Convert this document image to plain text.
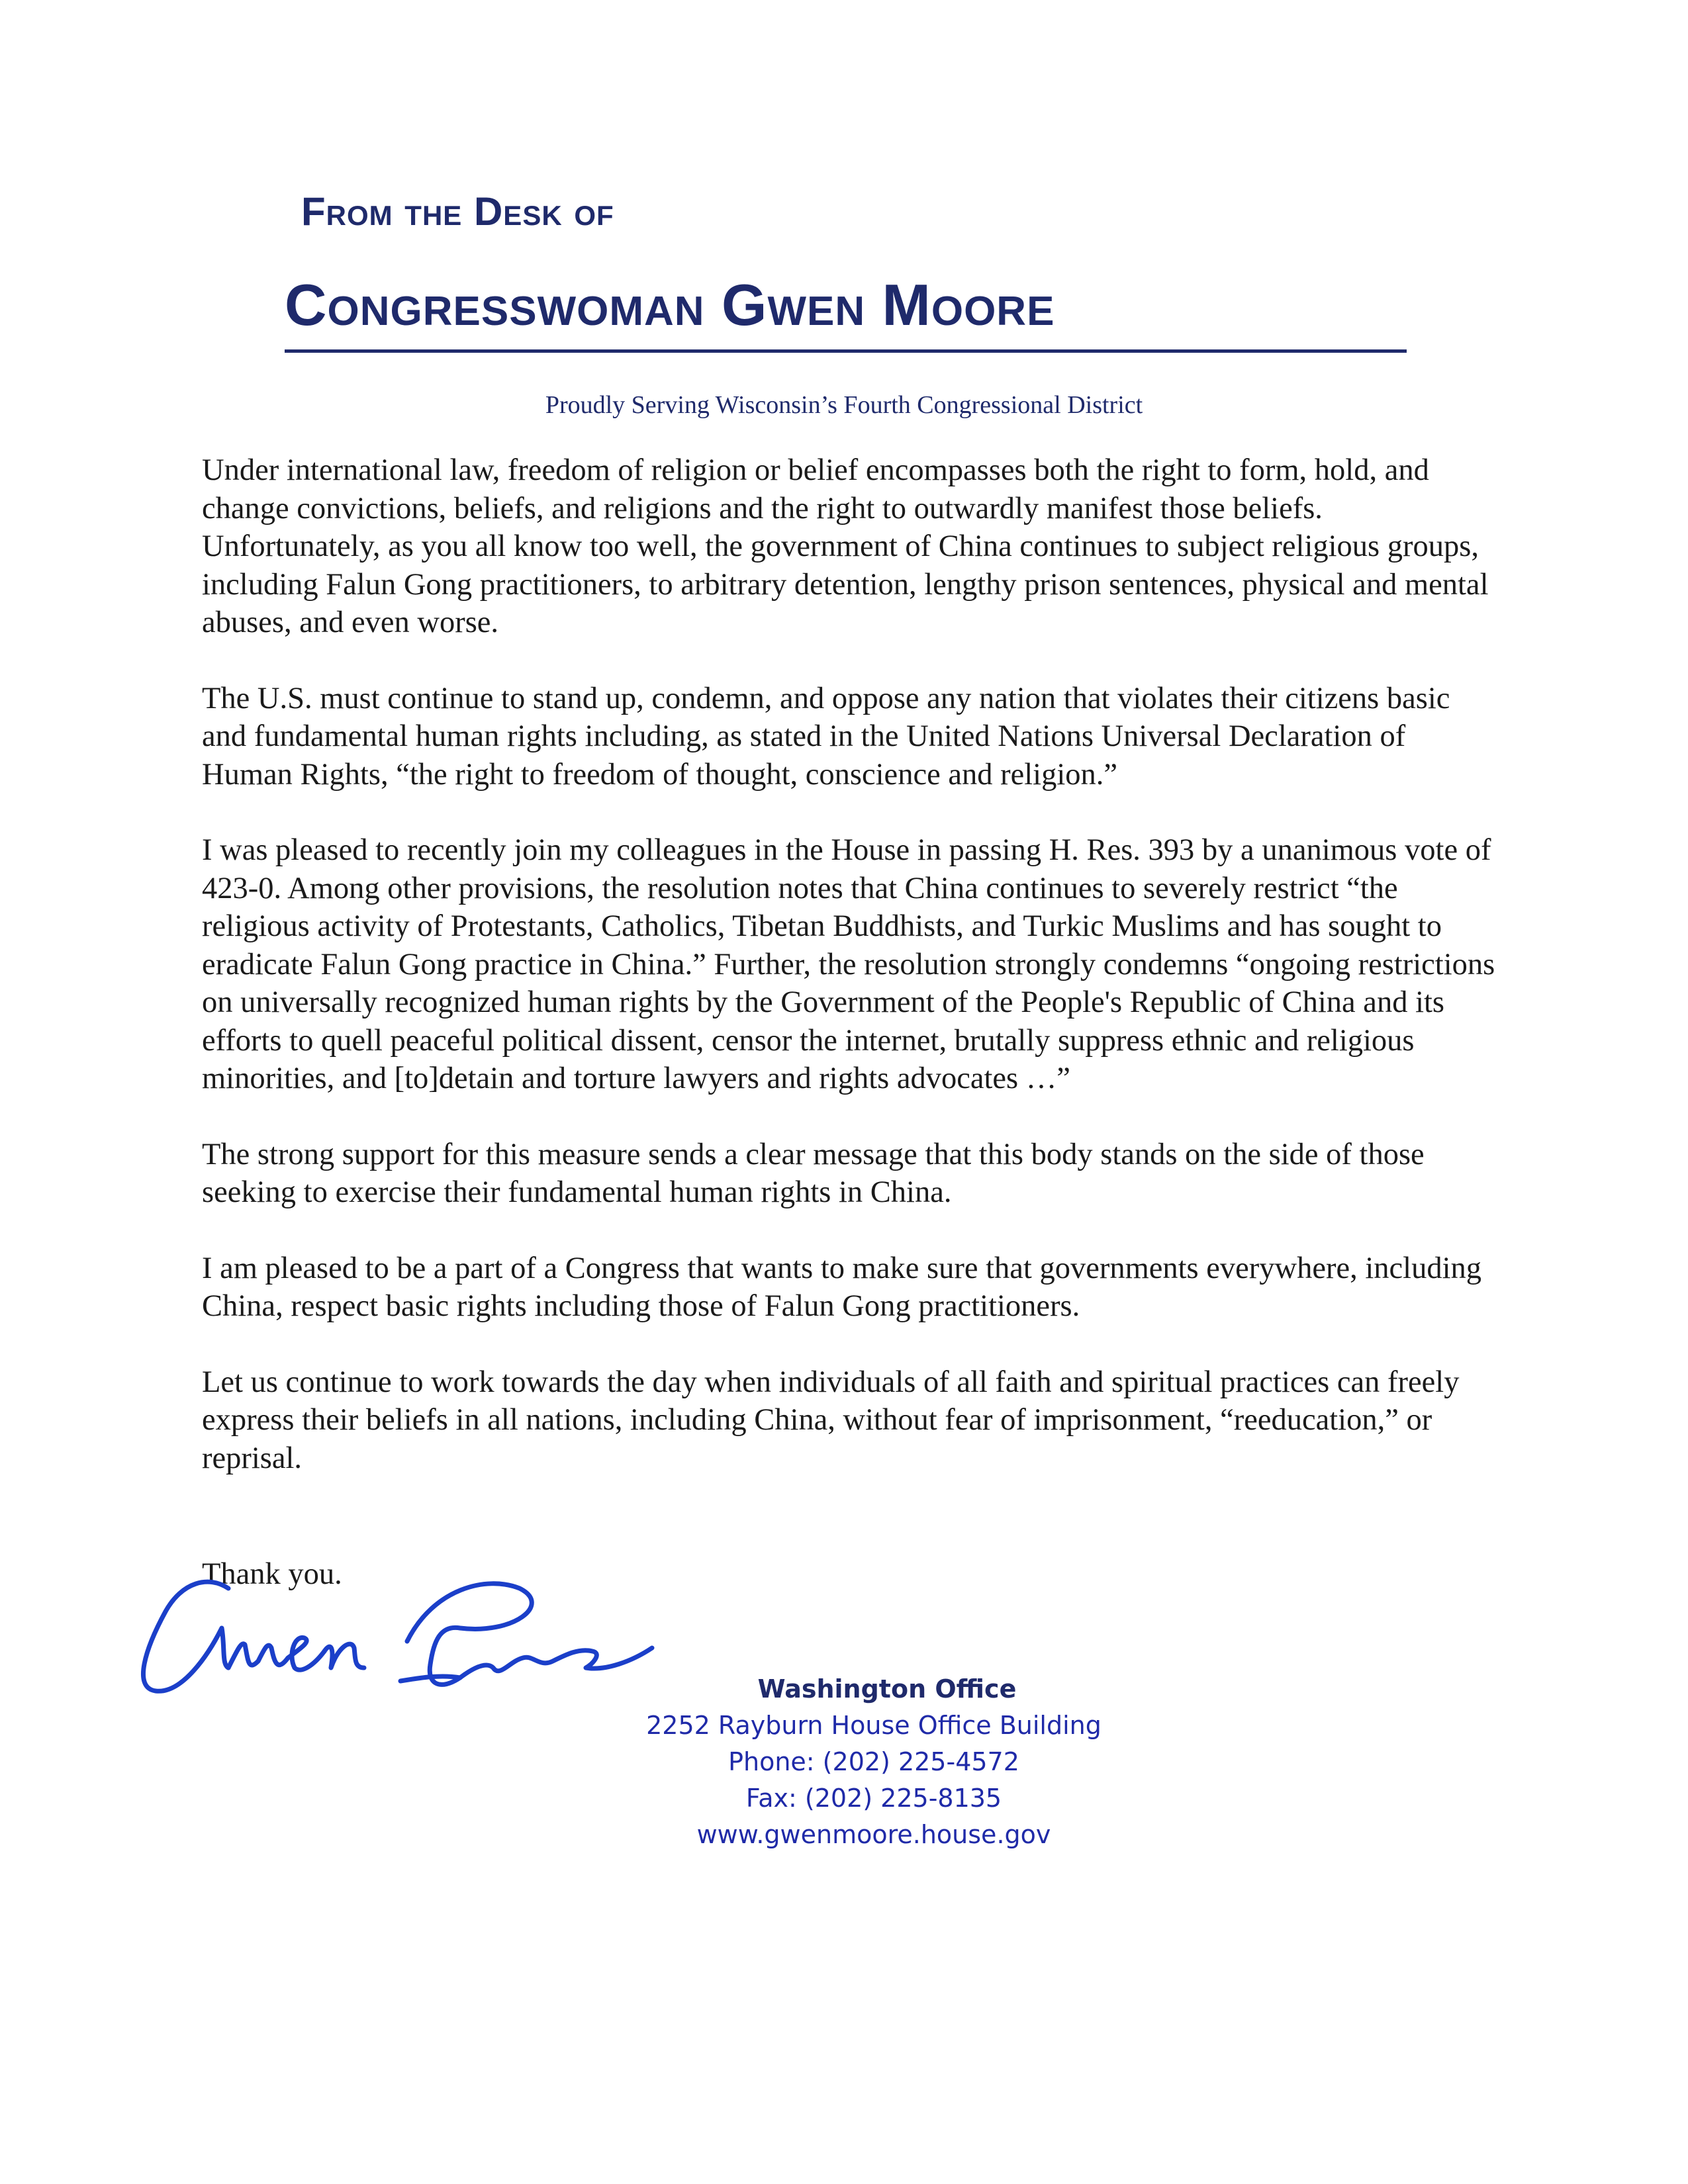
From the Desk of
Congresswoman Gwen Moore
Proudly Serving Wisconsin’s Fourth Congressional District

Under international law, freedom of religion or belief encompasses both the right to form, hold, and change convictions, beliefs, and religions and the right to outwardly manifest those beliefs. Unfortunately, as you all know too well, the government of China continues to subject religious groups, including Falun Gong practitioners, to arbitrary detention, lengthy prison sentences, physical and mental abuses, and even worse.

The U.S. must continue to stand up, condemn, and oppose any nation that violates their citizens basic and fundamental human rights including, as stated in the United Nations Universal Declaration of Human Rights, “the right to freedom of thought, conscience and religion.”

I was pleased to recently join my colleagues in the House in passing H. Res. 393 by a unanimous vote of 423-0. Among other provisions, the resolution notes that China continues to severely restrict “the religious activity of Protestants, Catholics, Tibetan Buddhists, and Turkic Muslims and has sought to eradicate Falun Gong practice in China.” Further, the resolution strongly condemns “ongoing restrictions on universally recognized human rights by the Government of the People's Republic of China and its efforts to quell peaceful political dissent, censor the internet, brutally suppress ethnic and religious minorities, and [to]detain and torture lawyers and rights advocates …”

The strong support for this measure sends a clear message that this body stands on the side of those seeking to exercise their fundamental human rights in China.

I am pleased to be a part of a Congress that wants to make sure that governments everywhere, including China, respect basic rights including those of Falun Gong practitioners.

Let us continue to work towards the day when individuals of all faith and spiritual practices can freely express their beliefs in all nations, including China, without fear of imprisonment, “reeducation,” or reprisal.

Thank you.
Washington Office
2252 Rayburn House Office Building
Phone: (202) 225-4572
Fax: (202) 225-8135
www.gwenmoore.house.gov
